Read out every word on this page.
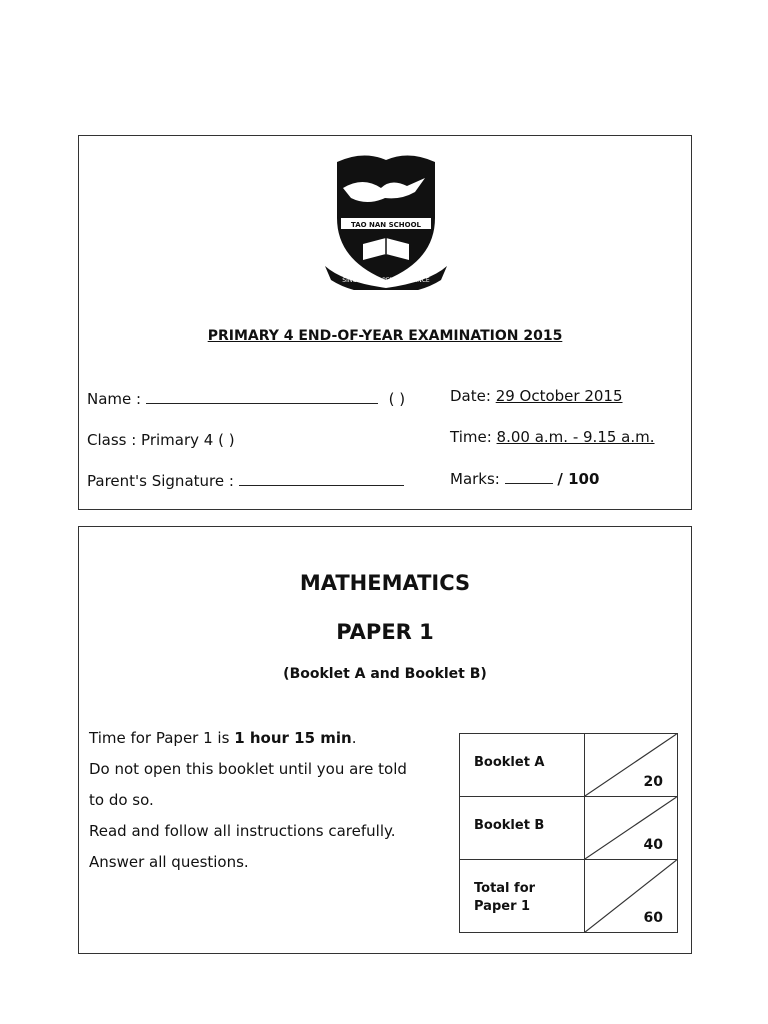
TAO NAN SCHOOL
SINCERITY & PERSEVERANCE
PRIMARY 4 END-OF-YEAR EXAMINATION 2015
Name :	( )	Date: 29 October 2015
Class : Primary 4 ( )	Time: 8.00 a.m. - 9.15 a.m.
Parent's Signature :	Marks:	/ 100
MATHEMATICS
PAPER 1
(Booklet A and Booklet B)
Time for Paper 1 is 1 hour 15 min.
Do not open this booklet until you are told
to do so.
Read and follow all instructions carefully.
Answer all questions.
Booklet A	20

Booklet B	40

Total for Paper 1	60
